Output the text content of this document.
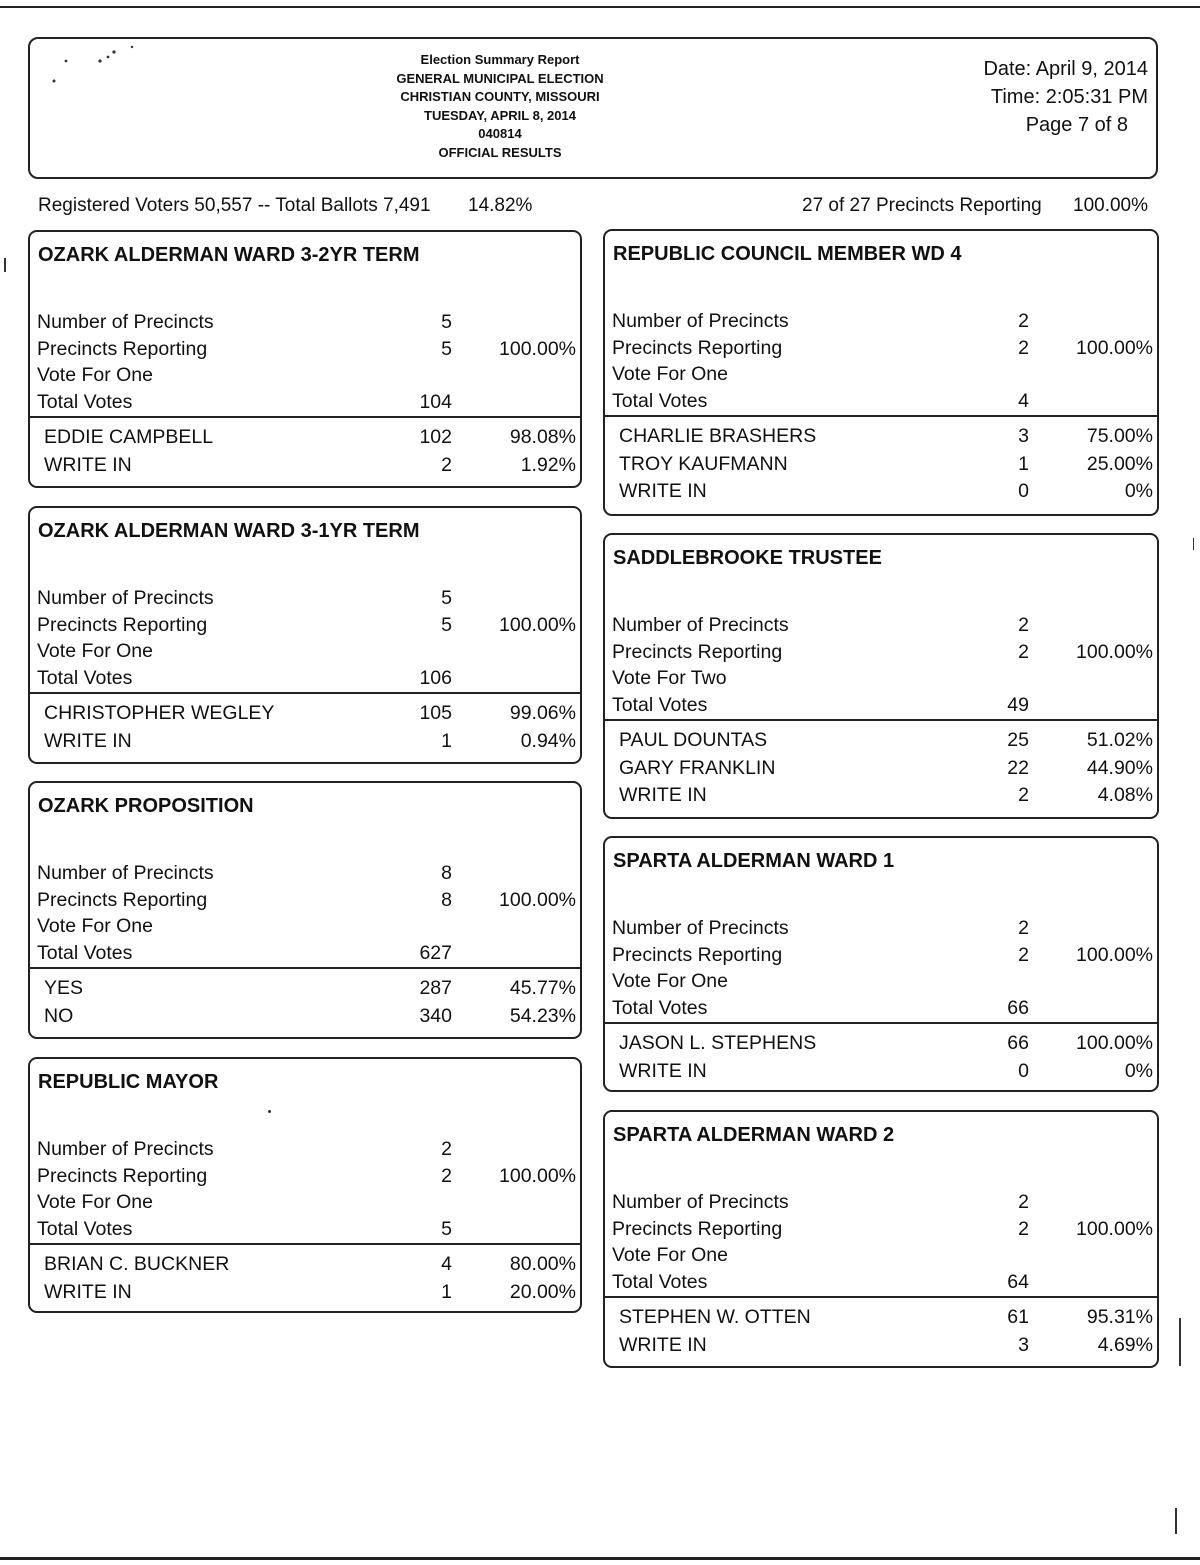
Election Summary Report
GENERAL MUNICIPAL ELECTION
CHRISTIAN COUNTY, MISSOURI
TUESDAY, APRIL 8, 2014
040814
OFFICIAL RESULTS
Date: April 9, 2014
Time: 2:05:31 PM
Page 7 of 8
Registered Voters 50,557 -- Total Ballots 7,491 14.82%	27 of 27 Precincts Reporting 100.00%
OZARK ALDERMAN WARD 3-2YR TERM
Number of Precincts	5
Precincts Reporting	5 100.00%
Vote For One
Total Votes	104
EDDIE CAMPBELL	102	98.08%
WRITE IN	2	1.92%
OZARK ALDERMAN WARD 3-1YR TERM
Number of Precincts	5
Precincts Reporting	5 100.00%
Vote For One
Total Votes	106
CHRISTOPHER WEGLEY	105	99.06%
WRITE IN	1	0.94%
OZARK PROPOSITION
Number of Precincts	8
Precincts Reporting	8 100.00%
Vote For One
Total Votes	627
YES	287	45.77%
NO	340	54.23%
REPUBLIC MAYOR
Number of Precincts	2
Precincts Reporting	2 100.00%
Vote For One
Total Votes	5
BRIAN C. BUCKNER	4	80.00%
WRITE IN	1	20.00%
REPUBLIC COUNCIL MEMBER WD 4
Number of Precincts	2
Precincts Reporting	2 100.00%
Vote For One
Total Votes	4
CHARLIE BRASHERS	3	75.00%
TROY KAUFMANN	1	25.00%
WRITE IN	0	0%
SADDLEBROOKE TRUSTEE
Number of Precincts	2
Precincts Reporting	2 100.00%
Vote For Two
Total Votes	49
PAUL DOUNTAS	25	51.02%
GARY FRANKLIN	22	44.90%
WRITE IN	2	4.08%
SPARTA ALDERMAN WARD 1
Number of Precincts	2
Precincts Reporting	2 100.00%
Vote For One
Total Votes	66
JASON L. STEPHENS	66 100.00%
WRITE IN	0	0%
SPARTA ALDERMAN WARD 2
Number of Precincts	2
Precincts Reporting	2 100.00%
Vote For One
Total Votes	64
STEPHEN W. OTTEN	61	95.31%
WRITE IN	3	4.69%
